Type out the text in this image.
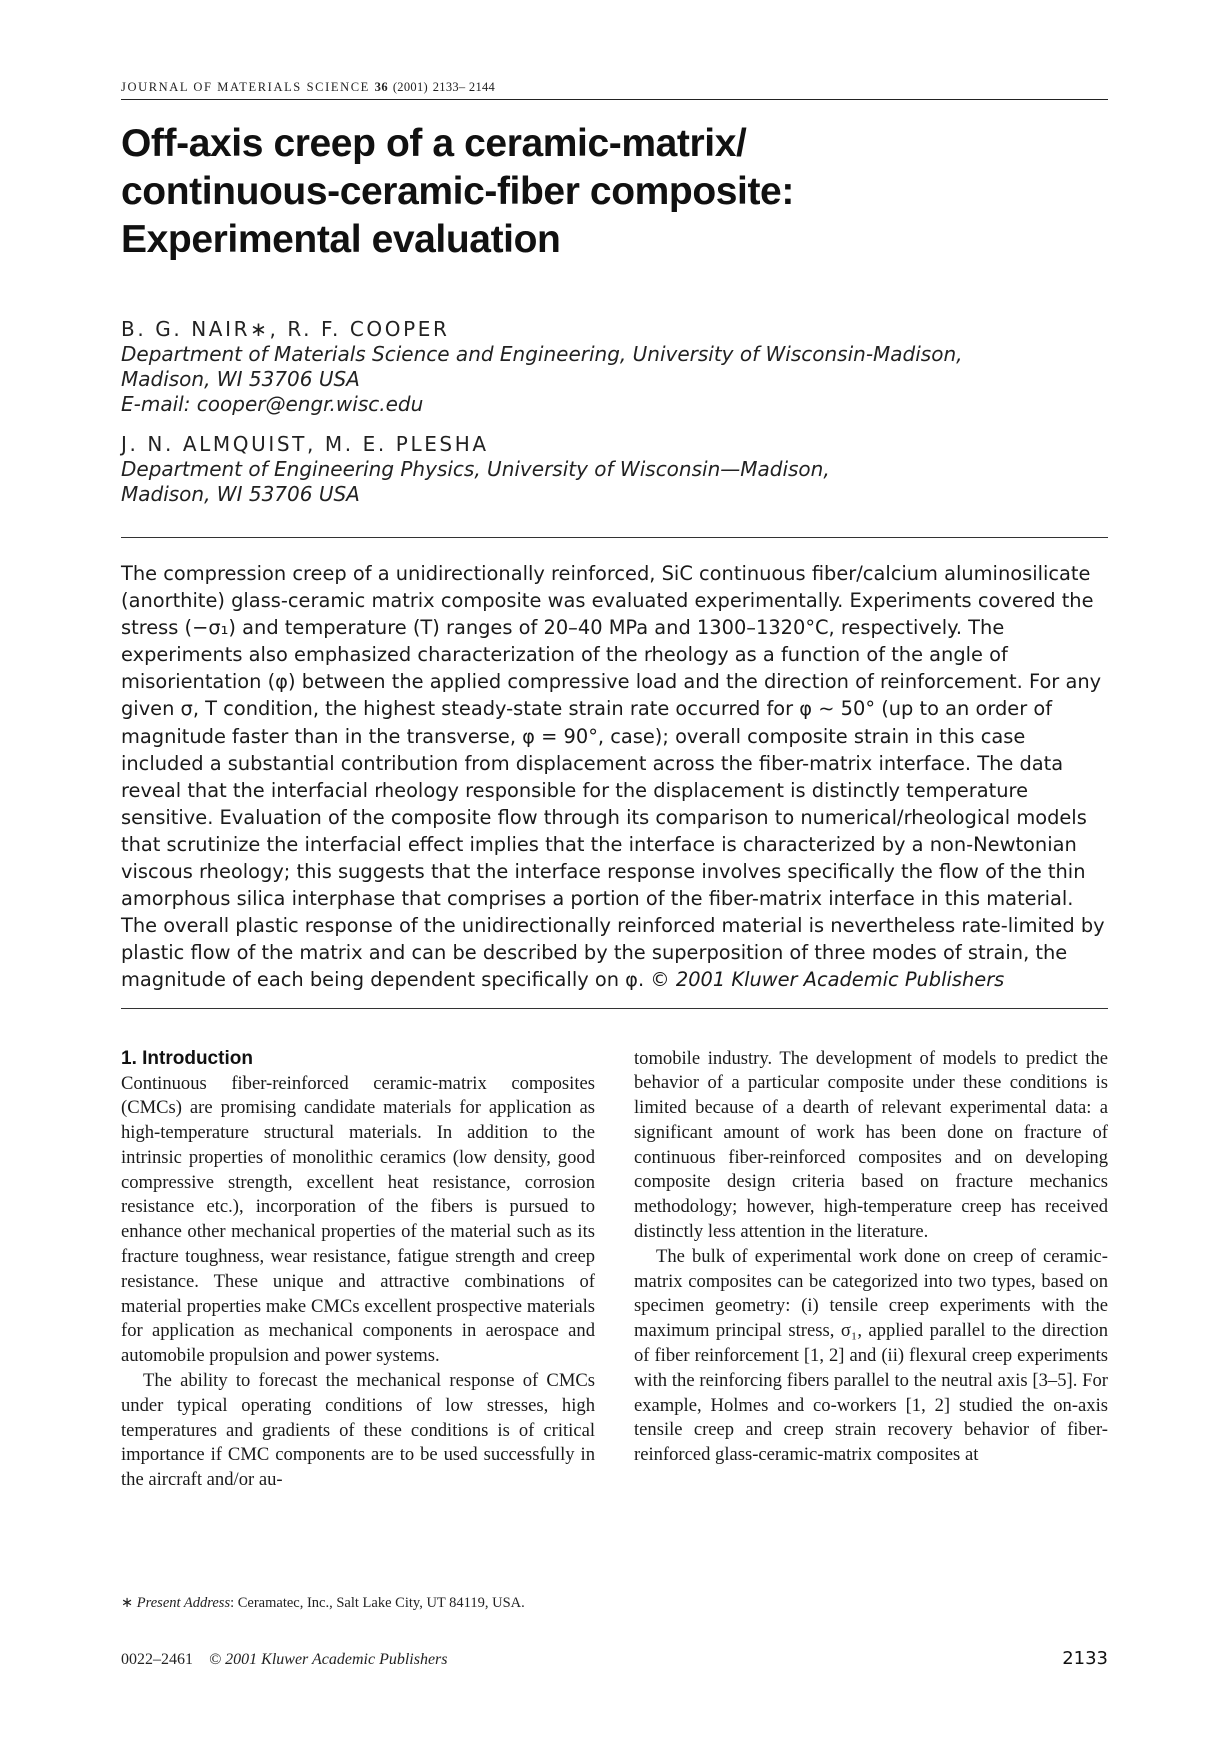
JOURNAL OF MATERIALS SCIENCE 36 (2001) 2133– 2144
Off-axis creep of a ceramic-matrix/
continuous-ceramic-fiber composite:
Experimental evaluation
B. G. NAIR∗, R. F. COOPER
Department of Materials Science and Engineering, University of Wisconsin-Madison,
Madison, WI 53706 USA
E-mail: cooper@engr.wisc.edu
J. N. ALMQUIST, M. E. PLESHA
Department of Engineering Physics, University of Wisconsin—Madison,
Madison, WI 53706 USA
The compression creep of a unidirectionally reinforced, SiC continuous fiber/calcium aluminosilicate (anorthite) glass-ceramic matrix composite was evaluated experimentally. Experiments covered the stress (−σ₁) and temperature (T) ranges of 20–40 MPa and 1300–1320°C, respectively. The experiments also emphasized characterization of the rheology as a function of the angle of misorientation (φ) between the applied compressive load and the direction of reinforcement. For any given σ, T condition, the highest steady-state strain rate occurred for φ ∼ 50° (up to an order of magnitude faster than in the transverse, φ = 90°, case); overall composite strain in this case included a substantial contribution from displacement across the fiber-matrix interface. The data reveal that the interfacial rheology responsible for the displacement is distinctly temperature sensitive. Evaluation of the composite flow through its comparison to numerical/rheological models that scrutinize the interfacial effect implies that the interface is characterized by a non-Newtonian viscous rheology; this suggests that the interface response involves specifically the flow of the thin amorphous silica interphase that comprises a portion of the fiber-matrix interface in this material. The overall plastic response of the unidirectionally reinforced material is nevertheless rate-limited by plastic flow of the matrix and can be described by the superposition of three modes of strain, the magnitude of each being dependent specifically on φ. © 2001 Kluwer Academic Publishers
1. Introduction

Continuous fiber-reinforced ceramic-matrix composites (CMCs) are promising candidate materials for application as high-temperature structural materials. In addition to the intrinsic properties of monolithic ceramics (low density, good compressive strength, excellent heat resistance, corrosion resistance etc.), incorporation of the fibers is pursued to enhance other mechanical properties of the material such as its fracture toughness, wear resistance, fatigue strength and creep resistance. These unique and attractive combinations of material properties make CMCs excellent prospective materials for application as mechanical components in aerospace and automobile propulsion and power systems.

The ability to forecast the mechanical response of CMCs under typical operating conditions of low stresses, high temperatures and gradients of these conditions is of critical importance if CMC components are to be used successfully in the aircraft and/or au-

tomobile industry. The development of models to predict the behavior of a particular composite under these conditions is limited because of a dearth of relevant experimental data: a significant amount of work has been done on fracture of continuous fiber-reinforced composites and on developing composite design criteria based on fracture mechanics methodology; however, high-temperature creep has received distinctly less attention in the literature.

The bulk of experimental work done on creep of ceramic-matrix composites can be categorized into two types, based on specimen geometry: (i) tensile creep experiments with the maximum principal stress, σ₁, applied parallel to the direction of fiber reinforcement [1, 2] and (ii) flexural creep experiments with the reinforcing fibers parallel to the neutral axis [3–5]. For example, Holmes and co-workers [1, 2] studied the on-axis tensile creep and creep strain recovery behavior of fiber-reinforced glass-ceramic-matrix composites at

∗ Present Address: Ceramatec, Inc., Salt Lake City, UT 84119, USA.
0022–2461 © 2001 Kluwer Academic Publishers	2133
